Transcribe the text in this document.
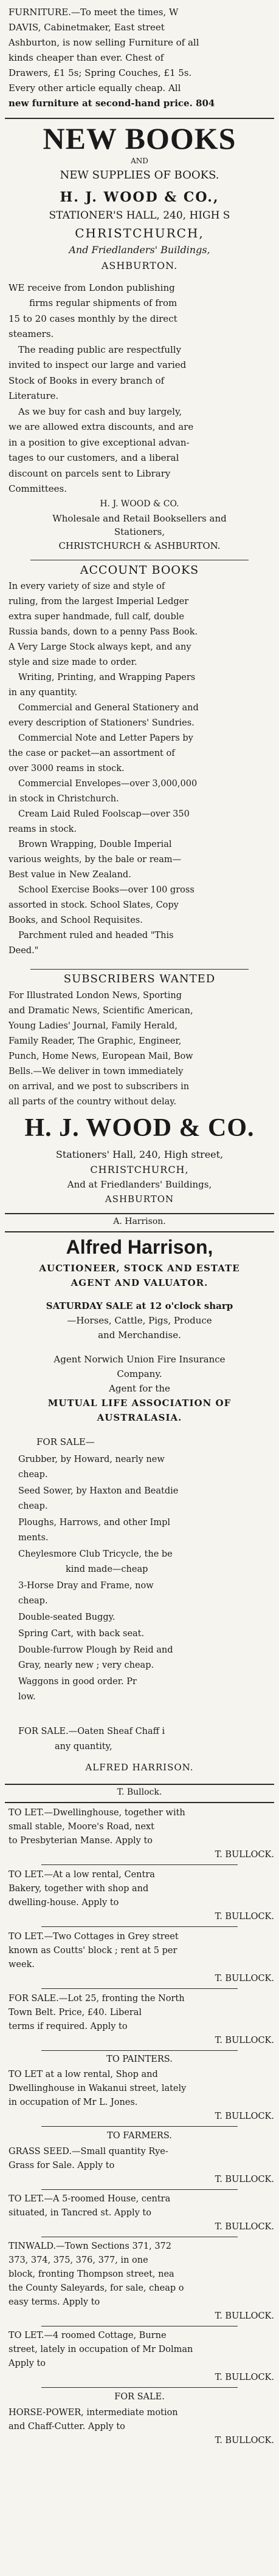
FURNITURE.—To meet the times, W
DAVIS, Cabinetmaker, East street
Ashburton, is now selling Furniture of all
kinds cheaper than ever. Chest of
Drawers, £1 5s; Spring Couches, £1 5s.
Every other article equally cheap. All
new furniture at second-hand price. 804
NEW BOOKS
AND
NEW SUPPLIES OF BOOKS.
H. J. WOOD & CO.,
STATIONER'S HALL, 240, HIGH S
CHRISTCHURCH,
And Friedlanders' Buildings,
ASHBURTON.
WE receive from London publishing
firms regular shipments of from
15 to 20 cases monthly by the direct
steamers.
The reading public are respectfully
invited to inspect our large and varied
Stock of Books in every branch of
Literature.
As we buy for cash and buy largely,
we are allowed extra discounts, and are
in a position to give exceptional advan-
tages to our customers, and a liberal
discount on parcels sent to Library
Committees.
H. J. WOOD & CO.
Wholesale and Retail Booksellers and
Stationers,
CHRISTCHURCH & ASHBURTON.
ACCOUNT BOOKS
In every variety of size and style of
ruling, from the largest Imperial Ledger
extra super handmade, full calf, double
Russia bands, down to a penny Pass Book.
A Very Large Stock always kept, and any
style and size made to order.
Writing, Printing, and Wrapping Papers
in any quantity.
Commercial and General Stationery and
every description of Stationers' Sundries.
Commercial Note and Letter Papers by
the case or packet—an assortment of
over 3000 reams in stock.
Commercial Envelopes—over 3,000,000
in stock in Christchurch.
Cream Laid Ruled Foolscap—over 350
reams in stock.
Brown Wrapping, Double Imperial
various weights, by the bale or ream—
Best value in New Zealand.
School Exercise Books—over 100 gross
assorted in stock. School Slates, Copy
Books, and School Requisites.
Parchment ruled and headed "This
Deed."
SUBSCRIBERS WANTED
For Illustrated London News, Sporting
and Dramatic News, Scientific American,
Young Ladies' Journal, Family Herald,
Family Reader, The Graphic, Engineer,
Punch, Home News, European Mail, Bow
Bells.—We deliver in town immediately
on arrival, and we post to subscribers in
all parts of the country without delay.
H. J. WOOD & CO.
Stationers' Hall, 240, High street,
CHRISTCHURCH,
And at Friedlanders' Buildings,
ASHBURTON
A. Harrison.
Alfred Harrison,
AUCTIONEER, STOCK AND ESTATE
AGENT AND VALUATOR.
SATURDAY SALE at 12 o'clock sharp
—Horses, Cattle, Pigs, Produce
and Merchandise.
Agent Norwich Union Fire Insurance
Company.
Agent for the
MUTUAL LIFE ASSOCIATION OF
AUSTRALASIA.
FOR SALE—
Grubber, by Howard, nearly new
cheap.
Seed Sower, by Haxton and Beatdie
cheap.
Ploughs, Harrows, and other Impl
ments.
Cheylesmore Club Tricycle, the be
kind made—cheap
3-Horse Dray and Frame, now
cheap.
Double-seated Buggy.
Spring Cart, with back seat.
Double-furrow Plough by Reid and
Gray, nearly new ; very cheap.
Waggons in good order. Pr
low.
FOR SALE.—Oaten Sheaf Chaff i
any quantity,
ALFRED HARRISON.
T. Bullock.
TO LET.—Dwellinghouse, together with
small stable, Moore's Road, next
to Presbyterian Manse. Apply to
T. BULLOCK.
TO LET.—At a low rental, Centra
Bakery, together with shop and
dwelling-house. Apply to
T. BULLOCK.
TO LET.—Two Cottages in Grey street
known as Coutts' block ; rent at 5 per
week.
T. BULLOCK.
FOR SALE.—Lot 25, fronting the North
Town Belt. Price, £40. Liberal
terms if required. Apply to
T. BULLOCK.
TO PAINTERS.
TO LET at a low rental, Shop and
Dwellinghouse in Wakanui street, lately
in occupation of Mr L. Jones.
T. BULLOCK.
TO FARMERS.
GRASS SEED.—Small quantity Rye-
Grass for Sale. Apply to
T. BULLOCK.
TO LET.—A 5-roomed House, centra
situated, in Tancred st. Apply to
T. BULLOCK.
TINWALD.—Town Sections 371, 372
373, 374, 375, 376, 377, in one
block, fronting Thompson street, nea
the County Saleyards, for sale, cheap o
easy terms. Apply to
T. BULLOCK.
TO LET.—4 roomed Cottage, Burne
street, lately in occupation of Mr Dolman
Apply to
T. BULLOCK.
FOR SALE.
HORSE-POWER, intermediate motion
and Chaff-Cutter. Apply to
T. BULLOCK.
